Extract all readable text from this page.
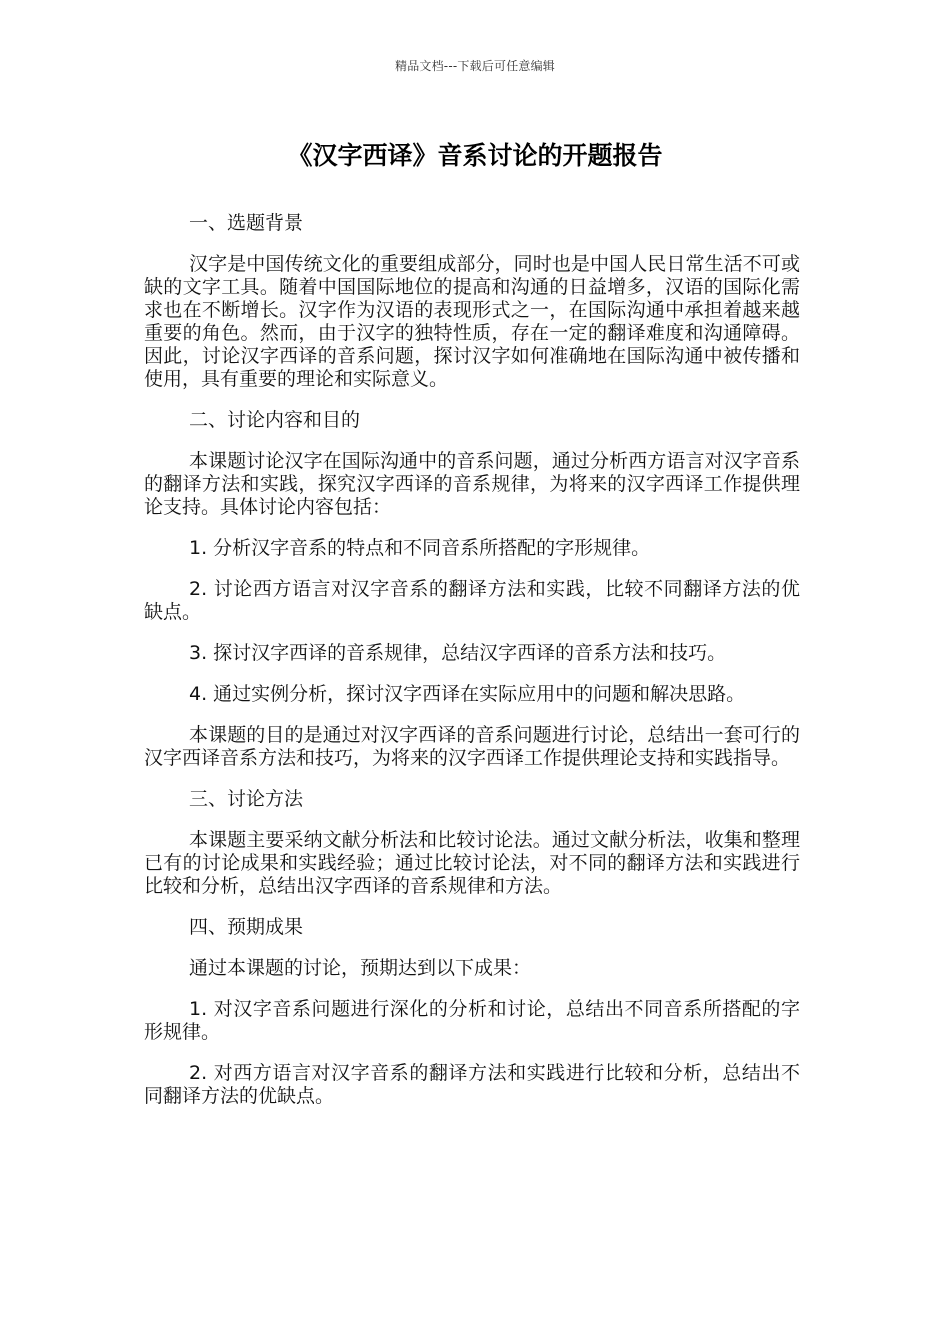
精品文档---下载后可任意编辑
《汉字西译》音系讨论的开题报告

一、选题背景

汉字是中国传统文化的重要组成部分，同时也是中国人民日常生活不可或缺的文字工具。随着中国国际地位的提高和沟通的日益增多，汉语的国际化需求也在不断增长。汉字作为汉语的表现形式之一，在国际沟通中承担着越来越重要的角色。然而，由于汉字的独特性质，存在一定的翻译难度和沟通障碍。因此，讨论汉字西译的音系问题，探讨汉字如何准确地在国际沟通中被传播和使用，具有重要的理论和实际意义。

二、讨论内容和目的

本课题讨论汉字在国际沟通中的音系问题，通过分析西方语言对汉字音系的翻译方法和实践，探究汉字西译的音系规律，为将来的汉字西译工作提供理论支持。具体讨论内容包括：

1. 分析汉字音系的特点和不同音系所搭配的字形规律。

2. 讨论西方语言对汉字音系的翻译方法和实践，比较不同翻译方法的优缺点。

3. 探讨汉字西译的音系规律，总结汉字西译的音系方法和技巧。

4. 通过实例分析，探讨汉字西译在实际应用中的问题和解决思路。

本课题的目的是通过对汉字西译的音系问题进行讨论，总结出一套可行的汉字西译音系方法和技巧，为将来的汉字西译工作提供理论支持和实践指导。

三、讨论方法

本课题主要采纳文献分析法和比较讨论法。通过文献分析法，收集和整理已有的讨论成果和实践经验；通过比较讨论法，对不同的翻译方法和实践进行比较和分析，总结出汉字西译的音系规律和方法。

四、预期成果

通过本课题的讨论，预期达到以下成果：

1. 对汉字音系问题进行深化的分析和讨论，总结出不同音系所搭配的字形规律。

2. 对西方语言对汉字音系的翻译方法和实践进行比较和分析，总结出不同翻译方法的优缺点。
